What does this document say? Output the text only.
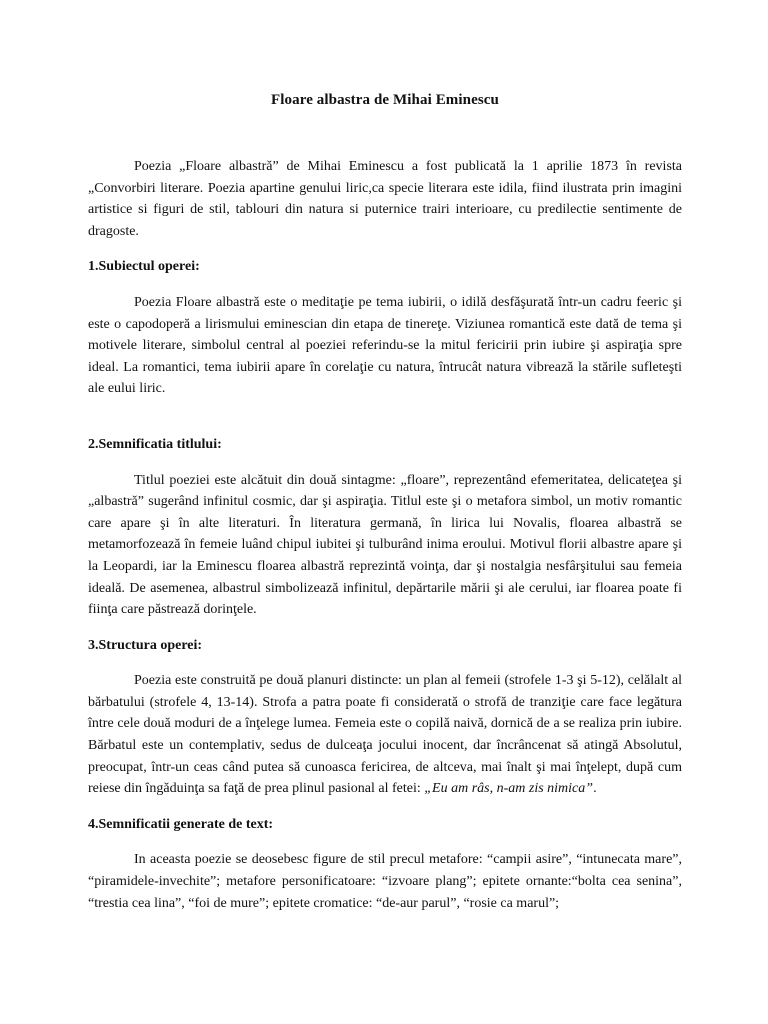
Floare albastra de Mihai Eminescu

Poezia „Floare albastră” de Mihai Eminescu a fost publicată la 1 aprilie 1873 în revista „Convorbiri literare. Poezia apartine genului liric,ca specie literara este idila, fiind ilustrata prin imagini artistice si figuri de stil, tablouri din natura si puternice trairi interioare, cu predilectie sentimente de dragoste.

1.Subiectul operei:

Poezia Floare albastră este o meditaţie pe tema iubirii, o idilă desfăşurată într-un cadru feeric şi este o capodoperă a lirismului eminescian din etapa de tinereţe. Viziunea romantică este dată de tema şi motivele literare, simbolul central al poeziei referindu-se la mitul fericirii prin iubire şi aspiraţia spre ideal. La romantici, tema iubirii apare în corelaţie cu natura, întrucât natura vibrează la stările sufleteşti ale eului liric.

2.Semnificatia titlului:

Titlul poeziei este alcătuit din două sintagme: „floare”, reprezentând efemeritatea, delicateţea şi „albastră” sugerând infinitul cosmic, dar şi aspiraţia. Titlul este şi o metafora simbol, un motiv romantic care apare şi în alte literaturi. În literatura germană, în lirica lui Novalis, floarea albastră se metamorfozează în femeie luând chipul iubitei şi tulburând inima eroului. Motivul florii albastre apare şi la Leopardi, iar la Eminescu floarea albastră reprezintă voinţa, dar şi nostalgia nesfârşitului sau femeia ideală. De asemenea, albastrul simbolizează infinitul, depărtarile mării şi ale cerului, iar floarea poate fi fiinţa care păstrează dorinţele.

3.Structura operei:

Poezia este construită pe două planuri distincte: un plan al femeii (strofele 1-3 şi 5-12), celălalt al bărbatului (strofele 4, 13-14). Strofa a patra poate fi considerată o strofă de tranziţie care face legătura între cele două moduri de a înţelege lumea. Femeia este o copilă naivă, dornică de a se realiza prin iubire. Bărbatul este un contemplativ, sedus de dulceaţa jocului inocent, dar încrâncenat să atingă Absolutul, preocupat, într-un ceas când putea să cunoasca fericirea, de altceva, mai înalt şi mai înţelept, după cum reiese din îngăduinţa sa faţă de prea plinul pasional al fetei: „Eu am râs, n-am zis nimica”.

4.Semnificatii generate de text:

In aceasta poezie se deosebesc figure de stil precul metafore: “campii asire”, “intunecata mare”, “piramidele-invechite”; metafore personificatoare: “izvoare plang”; epitete ornante:“bolta cea senina”, “trestia cea lina”, “foi de mure”; epitete cromatice: “de-aur parul”, “rosie ca marul”;
